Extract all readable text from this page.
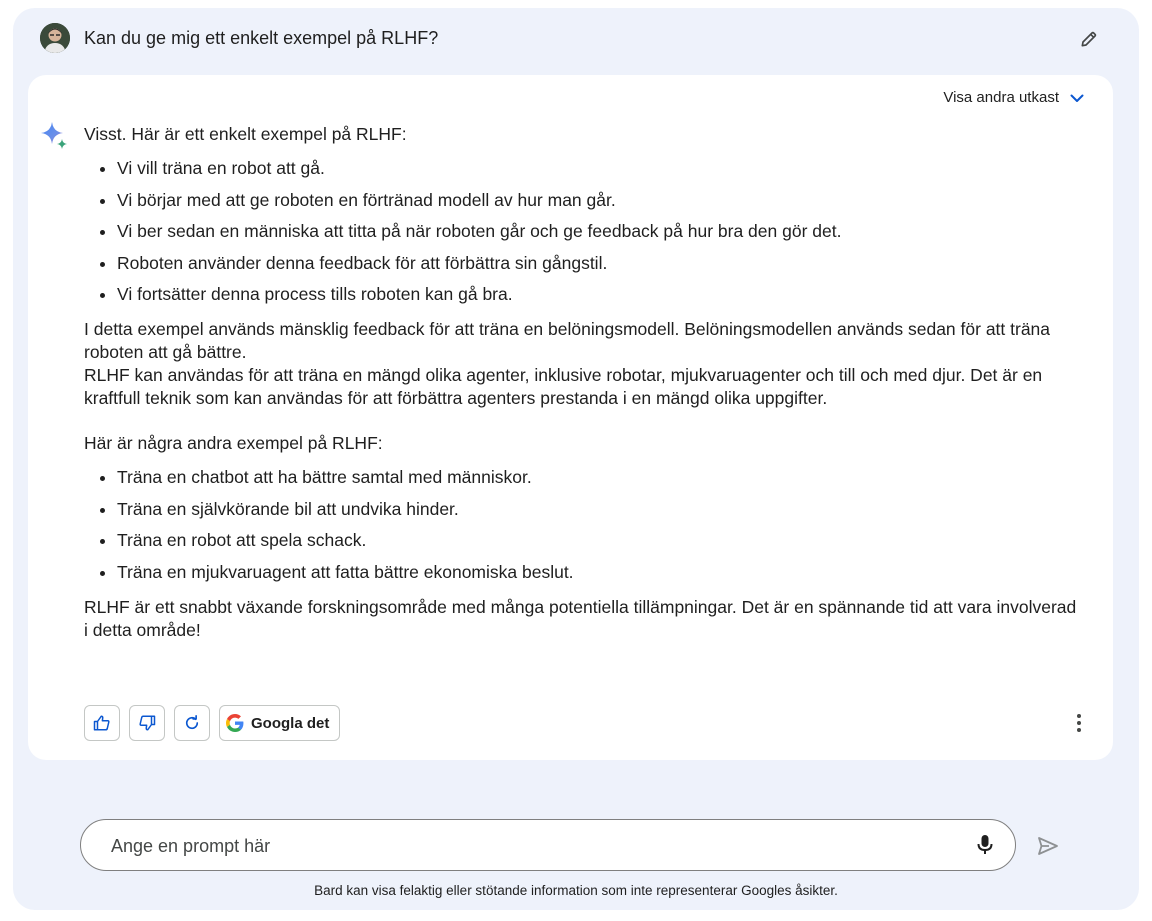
Kan du ge mig ett enkelt exempel på RLHF?
Visa andra utkast

Visst. Här är ett enkelt exempel på RLHF:

• Vi vill träna en robot att gå.
• Vi börjar med att ge roboten en förtränad modell av hur man går.
• Vi ber sedan en människa att titta på när roboten går och ge feedback på hur bra den gör det.
• Roboten använder denna feedback för att förbättra sin gångstil.
• Vi fortsätter denna process tills roboten kan gå bra.

I detta exempel används mänsklig feedback för att träna en belöningsmodell. Belöningsmodellen används sedan för att träna roboten att gå bättre.

RLHF kan användas för att träna en mängd olika agenter, inklusive robotar, mjukvaruagenter och till och med djur. Det är en kraftfull teknik som kan användas för att förbättra agenters prestanda i en mängd olika uppgifter.

Här är några andra exempel på RLHF:

• Träna en chatbot att ha bättre samtal med människor.
• Träna en självkörande bil att undvika hinder.
• Träna en robot att spela schack.
• Träna en mjukvaruagent att fatta bättre ekonomiska beslut.

RLHF är ett snabbt växande forskningsområde med många potentiella tillämpningar. Det är en spännande tid att vara involverad i detta område!

Googla det
Ange en prompt här
Bard kan visa felaktig eller stötande information som inte representerar Googles åsikter.
